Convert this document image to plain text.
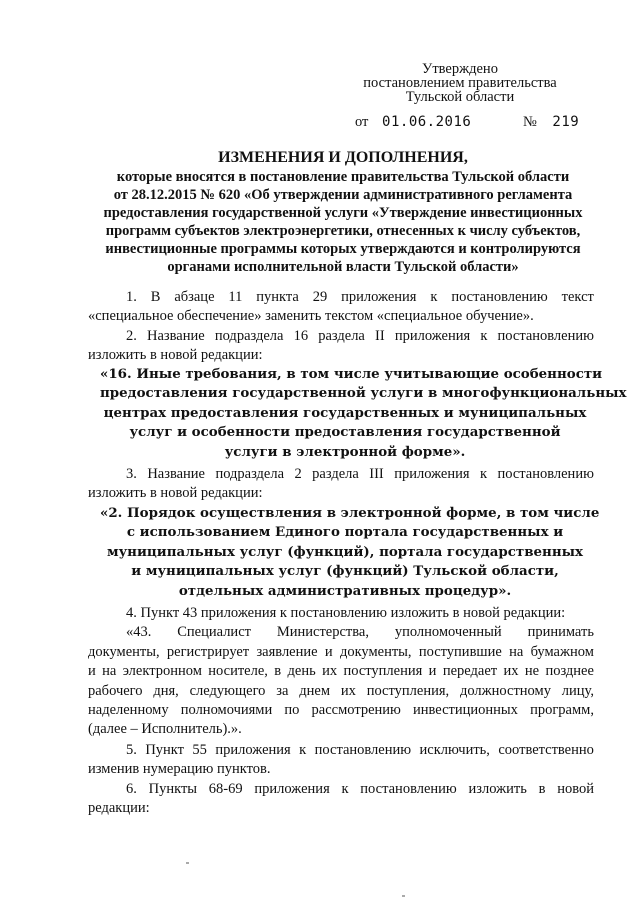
Утверждено
постановлением правительства
Тульской области
от 01.06.2016	№ 219
ИЗМЕНЕНИЯ И ДОПОЛНЕНИЯ,
которые вносятся в постановление правительства Тульской области
от 28.12.2015 № 620 «Об утверждении административного регламента
предоставления государственной услуги «Утверждение инвестиционных
программ субъектов электроэнергетики, отнесенных к числу субъектов,
инвестиционные программы которых утверждаются и контролируются
органами исполнительной власти Тульской области»
1. В абзаце 11 пункта 29 приложения к постановлению текст
«специальное обеспечение» заменить текстом «специальное обучение».
2. Название подраздела 16 раздела II приложения к постановлению
изложить в новой редакции:
«16. Иные требования, в том числе учитывающие особенности
предоставления государственной услуги в многофункциональных
центрах предоставления государственных и муниципальных
услуг и особенности предоставления государственной
услуги в электронной форме».
3. Название подраздела 2 раздела III приложения к постановлению
изложить в новой редакции:
«2. Порядок осуществления в электронной форме, в том числе
с использованием Единого портала государственных и
муниципальных услуг (функций), портала государственных
и муниципальных услуг (функций) Тульской области,
отдельных административных процедур».
4. Пункт 43 приложения к постановлению изложить в новой редакции:
«43. Специалист Министерства, уполномоченный принимать
документы, регистрирует заявление и документы, поступившие на бумажном
и на электронном носителе, в день их поступления и передает их не позднее
рабочего дня, следующего за днем их поступления, должностному лицу,
наделенному полномочиями по рассмотрению инвестиционных программ,
(далее – Исполнитель).».
5. Пункт 55 приложения к постановлению исключить, соответственно
изменив нумерацию пунктов.
6. Пункты 68-69 приложения к постановлению изложить в новой
редакции:
